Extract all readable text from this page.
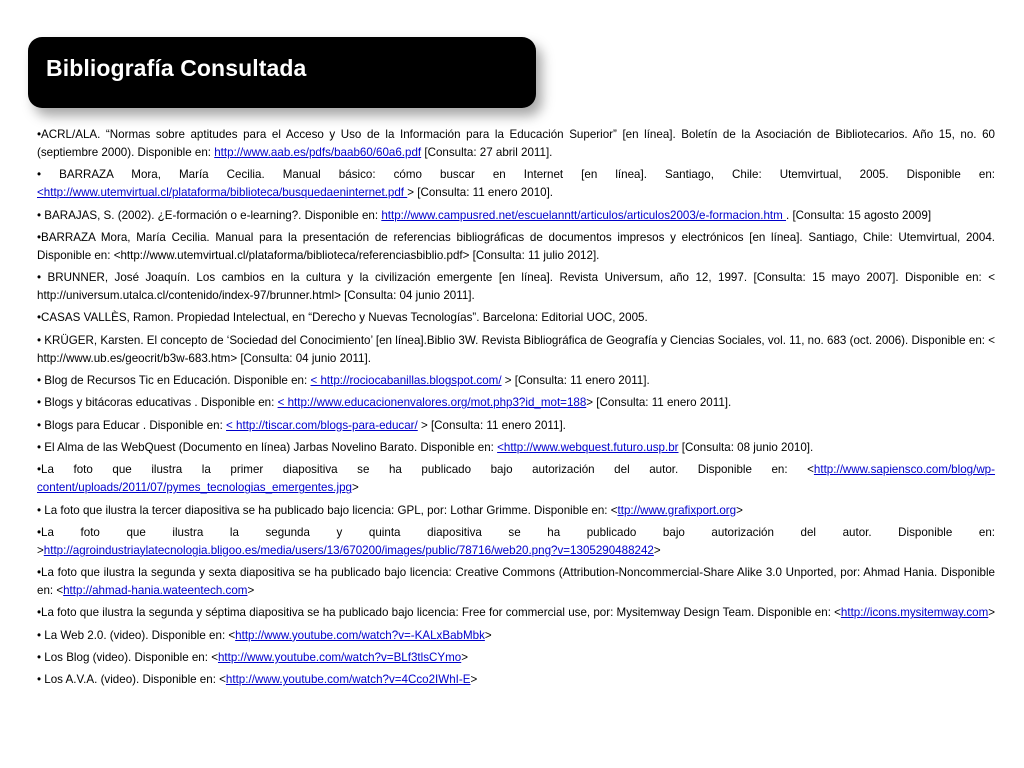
Bibliografía Consultada

•ACRL/ALA. “Normas sobre aptitudes para el Acceso y Uso de la Información para la Educación Superior” [en línea]. Boletín de la Asociación de Bibliotecarios. Año 15, no. 60 (septiembre 2000). Disponible en: http://www.aab.es/pdfs/baab60/60a6.pdf [Consulta: 27 abril 2011].

• BARRAZA Mora, María Cecilia. Manual básico: cómo buscar en Internet [en línea]. Santiago, Chile: Utemvirtual, 2005. Disponible en: <http://www.utemvirtual.cl/plataforma/biblioteca/busquedaeninternet.pdf > [Consulta: 11 enero 2010].

• BARAJAS, S. (2002). ¿E-formación o e-learning?. Disponible en: http://www.campusred.net/escuelanntt/articulos/articulos2003/e-formacion.htm . [Consulta: 15 agosto 2009]

•BARRAZA Mora, María Cecilia. Manual para la presentación de referencias bibliográficas de documentos impresos y electrónicos [en línea]. Santiago, Chile: Utemvirtual, 2004. Disponible en: <http://www.utemvirtual.cl/plataforma/biblioteca/referenciasbiblio.pdf> [Consulta: 11 julio 2012].

• BRUNNER, José Joaquín. Los cambios en la cultura y la civilización emergente [en línea]. Revista Universum, año 12, 1997. [Consulta: 15 mayo 2007]. Disponible en: < http://universum.utalca.cl/contenido/index-97/brunner.html> [Consulta: 04 junio 2011].

•CASAS VALLÈS, Ramon. Propiedad Intelectual, en “Derecho y Nuevas Tecnologías”. Barcelona: Editorial UOC, 2005.

• KRÜGER, Karsten. El concepto de ‘Sociedad del Conocimiento’ [en línea].Biblio 3W. Revista Bibliográfica de Geografía y Ciencias Sociales, vol. 11, no. 683 (oct. 2006). Disponible en: < http://www.ub.es/geocrit/b3w-683.htm> [Consulta: 04 junio 2011].

• Blog de Recursos Tic en Educación. Disponible en: < http://rociocabanillas.blogspot.com/ > [Consulta: 11 enero 2011].

• Blogs y bitácoras educativas . Disponible en: < http://www.educacionenvalores.org/mot.php3?id_mot=188> [Consulta: 11 enero 2011].

• Blogs para Educar . Disponible en: < http://tiscar.com/blogs-para-educar/ > [Consulta: 11 enero 2011].

• El Alma de las WebQuest (Documento en línea) Jarbas Novelino Barato. Disponible en: <http://www.webquest.futuro.usp.br [Consulta: 08 junio 2010].

•La foto que ilustra la primer diapositiva se ha publicado bajo autorización del autor. Disponible en: <http://www.sapiensco.com/blog/wp-content/uploads/2011/07/pymes_tecnologias_emergentes.jpg>

• La foto que ilustra la tercer diapositiva se ha publicado bajo licencia: GPL, por: Lothar Grimme. Disponible en: <ttp://www.grafixport.org>

•La foto que ilustra la segunda y quinta diapositiva se ha publicado bajo autorización del autor. Disponible en: >http://agroindustriaylatecnologia.bligoo.es/media/users/13/670200/images/public/78716/web20.png?v=1305290488242>

•La foto que ilustra la segunda y sexta diapositiva se ha publicado bajo licencia: Creative Commons (Attribution-Noncommercial-Share Alike 3.0 Unported, por: Ahmad Hania. Disponible en: <http://ahmad-hania.wateentech.com>

•La foto que ilustra la segunda y séptima diapositiva se ha publicado bajo licencia: Free for commercial use, por: Mysitemway Design Team. Disponible en: <http://icons.mysitemway.com>

• La Web 2.0. (video). Disponible en: <http://www.youtube.com/watch?v=-KALxBabMbk>

• Los Blog (video). Disponible en: <http://www.youtube.com/watch?v=BLf3tlsCYmo>

• Los A.V.A. (video). Disponible en: <http://www.youtube.com/watch?v=4Cco2IWhI-E>
